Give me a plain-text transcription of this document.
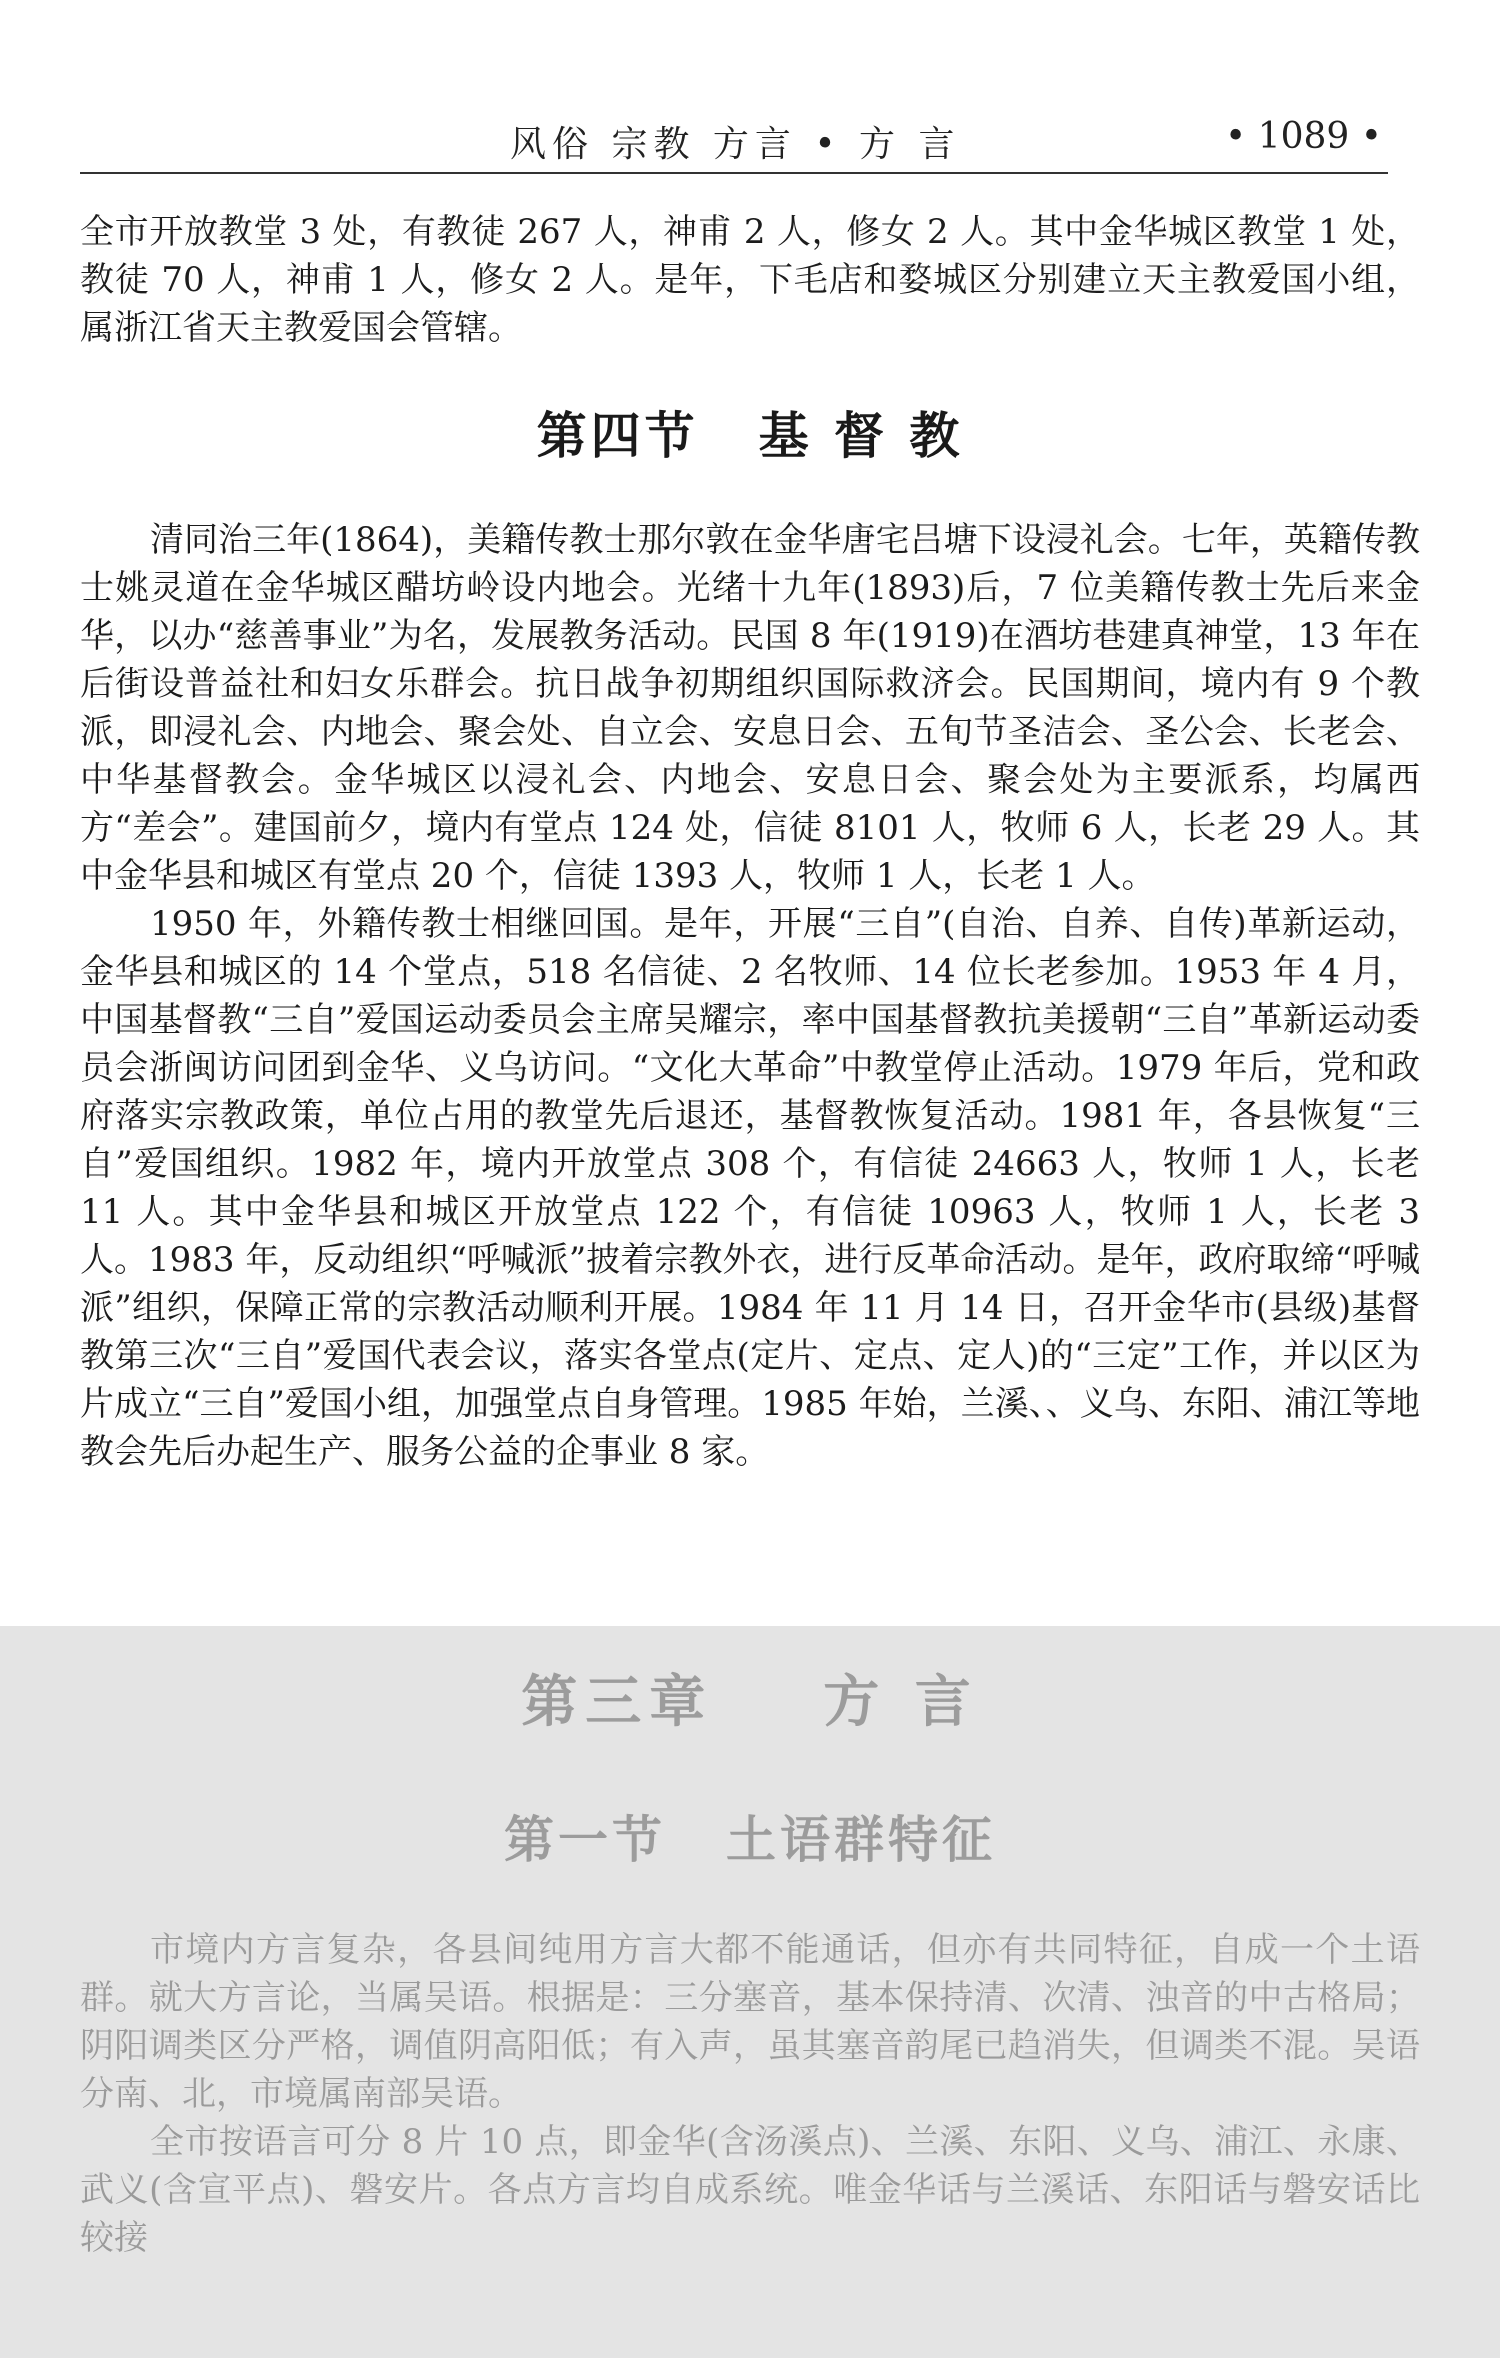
风俗 宗教 方言 • 方 言	• 1089 •

全市开放教堂 3 处，有教徒 267 人，神甫 2 人，修女 2 人。其中金华城区教堂 1 处，教徒 70 人，神甫 1 人，修女 2 人。是年，下毛店和婺城区分别建立天主教爱国小组，属浙江省天主教爱国会管辖。

第四节 基 督 教

清同治三年(1864)，美籍传教士那尔敦在金华唐宅吕塘下设浸礼会。七年，英籍传教士姚灵道在金华城区醋坊岭设内地会。光绪十九年(1893)后，7 位美籍传教士先后来金华，以办“慈善事业”为名，发展教务活动。民国 8 年(1919)在酒坊巷建真神堂，13 年在后街设普益社和妇女乐群会。抗日战争初期组织国际救济会。民国期间，境内有 9 个教派，即浸礼会、内地会、聚会处、自立会、安息日会、五旬节圣洁会、圣公会、长老会、中华基督教会。金华城区以浸礼会、内地会、安息日会、聚会处为主要派系，均属西方“差会”。建国前夕，境内有堂点 124 处，信徒 8101 人，牧师 6 人，长老 29 人。其中金华县和城区有堂点 20 个，信徒 1393 人，牧师 1 人，长老 1 人。

1950 年，外籍传教士相继回国。是年，开展“三自”(自治、自养、自传)革新运动，金华县和城区的 14 个堂点，518 名信徒、2 名牧师、14 位长老参加。1953 年 4 月，中国基督教“三自”爱国运动委员会主席吴耀宗，率中国基督教抗美援朝“三自”革新运动委员会浙闽访问团到金华、义乌访问。“文化大革命”中教堂停止活动。1979 年后，党和政府落实宗教政策，单位占用的教堂先后退还，基督教恢复活动。1981 年，各县恢复“三自”爱国组织。1982 年，境内开放堂点 308 个，有信徒 24663 人，牧师 1 人，长老 11 人。其中金华县和城区开放堂点 122 个，有信徒 10963 人，牧师 1 人，长老 3 人。1983 年，反动组织“呼喊派”披着宗教外衣，进行反革命活动。是年，政府取缔“呼喊派”组织，保障正常的宗教活动顺利开展。1984 年 11 月 14 日，召开金华市(县级)基督教第三次“三自”爱国代表会议，落实各堂点(定片、定点、定人)的“三定”工作，并以区为片成立“三自”爱国小组，加强堂点自身管理。1985 年始，兰溪、、义乌、东阳、浦江等地教会先后办起生产、服务公益的企事业 8 家。

第三章 方 言
第一节 土语群特征

市境内方言复杂，各县间纯用方言大都不能通话，但亦有共同特征，自成一个土语群。就大方言论，当属吴语。根据是：三分塞音，基本保持清、次清、浊音的中古格局；阴阳调类区分严格，调值阴高阳低；有入声，虽其塞音韵尾已趋消失，但调类不混。吴语分南、北，市境属南部吴语。

全市按语言可分 8 片 10 点，即金华(含汤溪点)、兰溪、东阳、义乌、浦江、永康、武义(含宣平点)、磐安片。各点方言均自成系统。唯金华话与兰溪话、东阳话与磐安话比较接
